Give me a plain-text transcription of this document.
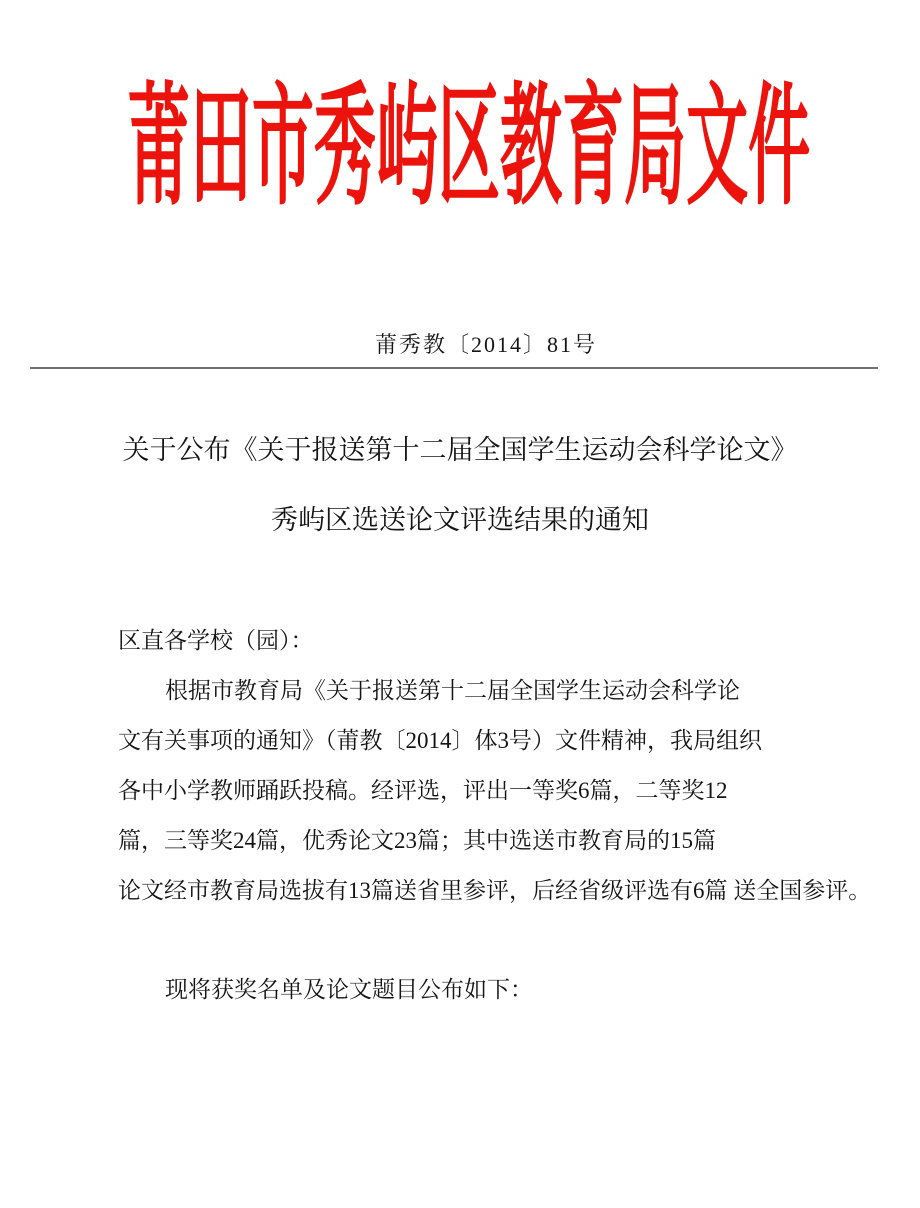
莆田市秀屿区教育局文件
莆秀教〔2014〕81号
关于公布《关于报送第十二届全国学生运动会科学论文》
秀屿区选送论文评选结果的通知
区直各学校（园）：
根据市教育局《关于报送第十二届全国学生运动会科学论
文有关事项的通知》（莆教〔2014〕体3号）文件精神，我局组织
各中小学教师踊跃投稿。经评选，评出一等奖6篇，二等奖12
篇，三等奖24篇，优秀论文23篇；其中选送市教育局的15篇
论文经市教育局选拔有13篇送省里参评，后经省级评选有6篇 送全国参评。
现将获奖名单及论文题目公布如下：
